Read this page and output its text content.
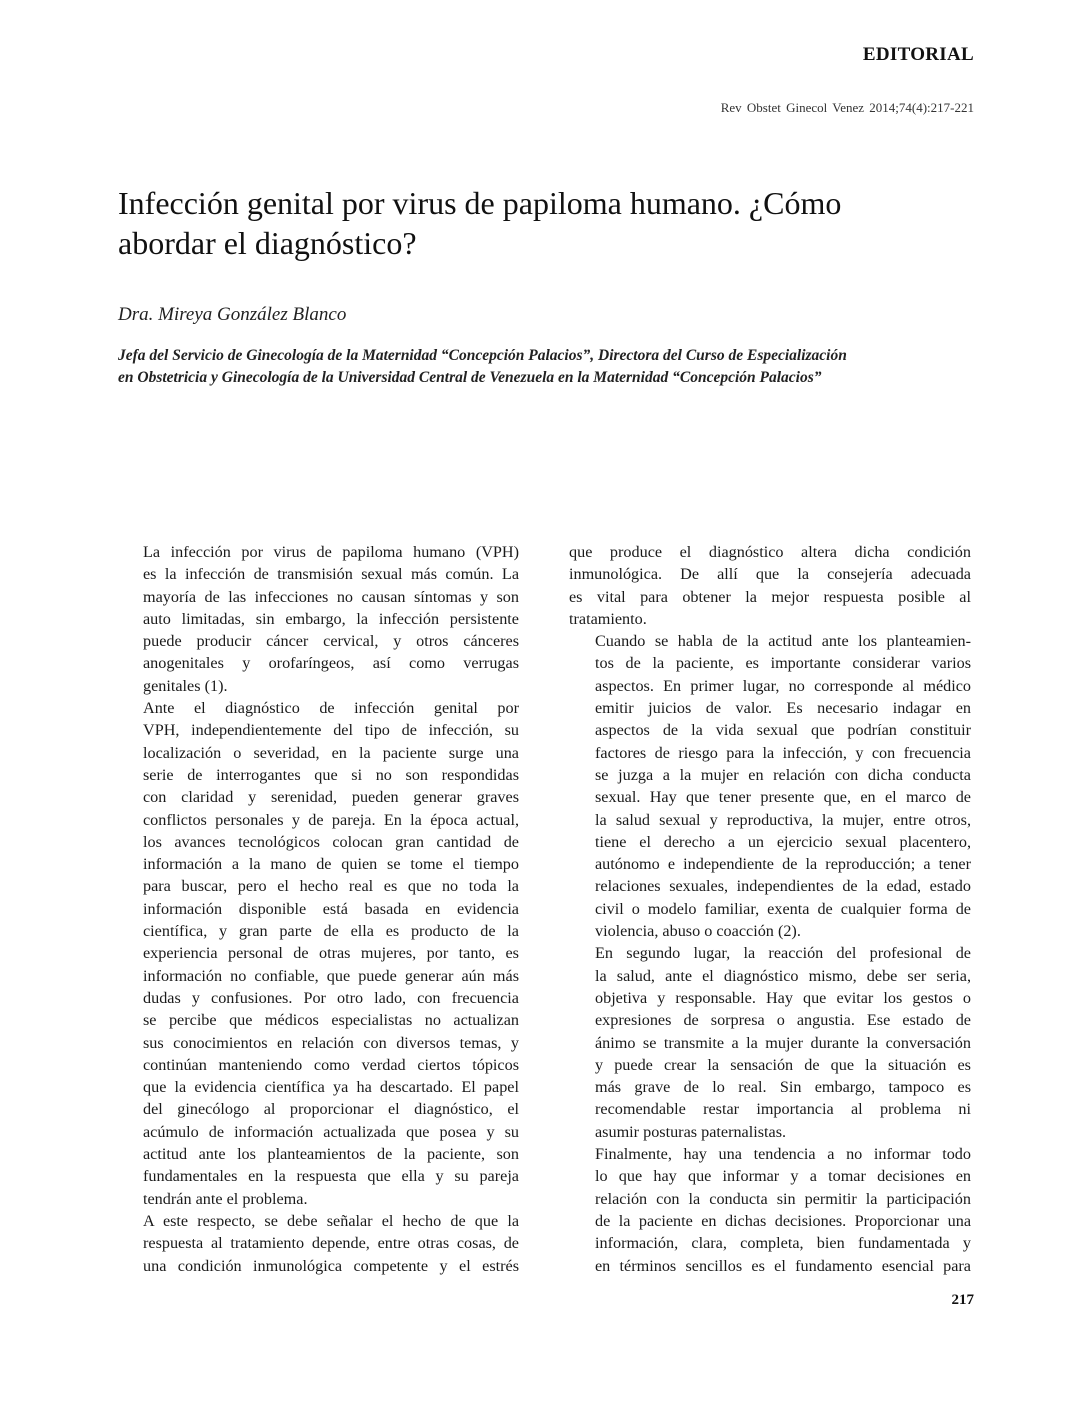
EDITORIAL
Rev Obstet Ginecol Venez 2014;74(4):217-221
Infección genital por virus de papiloma humano. ¿Cómo
abordar el diagnóstico?
Dra. Mireya González Blanco
Jefa del Servicio de Ginecología de la Maternidad “Concepción Palacios”, Directora del Curso de Especialización
en Obstetricia y Ginecología de la Universidad Central de Venezuela en la Maternidad “Concepción Palacios”

La infección por virus de papiloma humano (VPH)
es la infección de transmisión sexual más común. La
mayoría de las infecciones no causan síntomas y son
auto limitadas, sin embargo, la infección persistente
puede producir cáncer cervical, y otros cánceres
anogenitales y orofaríngeos, así como verrugas
genitales (1).

Ante el diagnóstico de infección genital por
VPH, independientemente del tipo de infección, su
localización o severidad, en la paciente surge una
serie de interrogantes que si no son respondidas
con claridad y serenidad, pueden generar graves
conflictos personales y de pareja. En la época actual,
los avances tecnológicos colocan gran cantidad de
información a la mano de quien se tome el tiempo
para buscar, pero el hecho real es que no toda la
información disponible está basada en evidencia
científica, y gran parte de ella es producto de la
experiencia personal de otras mujeres, por tanto, es
información no confiable, que puede generar aún más
dudas y confusiones. Por otro lado, con frecuencia
se percibe que médicos especialistas no actualizan
sus conocimientos en relación con diversos temas, y
continúan manteniendo como verdad ciertos tópicos
que la evidencia científica ya ha descartado. El papel
del ginecólogo al proporcionar el diagnóstico, el
acúmulo de información actualizada que posea y su
actitud ante los planteamientos de la paciente, son
fundamentales en la respuesta que ella y su pareja
tendrán ante el problema.

A este respecto, se debe señalar el hecho de que la
respuesta al tratamiento depende, entre otras cosas, de
una condición inmunológica competente y el estrés

que produce el diagnóstico altera dicha condición
inmunológica. De allí que la consejería adecuada
es vital para obtener la mejor respuesta posible al
tratamiento.

Cuando se habla de la actitud ante los planteamien-
tos de la paciente, es importante considerar varios
aspectos. En primer lugar, no corresponde al médico
emitir juicios de valor. Es necesario indagar en
aspectos de la vida sexual que podrían constituir
factores de riesgo para la infección, y con frecuencia
se juzga a la mujer en relación con dicha conducta
sexual. Hay que tener presente que, en el marco de
la salud sexual y reproductiva, la mujer, entre otros,
tiene el derecho a un ejercicio sexual placentero,
autónomo e independiente de la reproducción; a tener
relaciones sexuales, independientes de la edad, estado
civil o modelo familiar, exenta de cualquier forma de
violencia, abuso o coacción (2).

En segundo lugar, la reacción del profesional de
la salud, ante el diagnóstico mismo, debe ser seria,
objetiva y responsable. Hay que evitar los gestos o
expresiones de sorpresa o angustia. Ese estado de
ánimo se transmite a la mujer durante la conversación
y puede crear la sensación de que la situación es
más grave de lo real. Sin embargo, tampoco es
recomendable restar importancia al problema ni
asumir posturas paternalistas.

Finalmente, hay una tendencia a no informar todo
lo que hay que informar y a tomar decisiones en
relación con la conducta sin permitir la participación
de la paciente en dichas decisiones. Proporcionar una
información, clara, completa, bien fundamentada y
en términos sencillos es el fundamento esencial para

217
